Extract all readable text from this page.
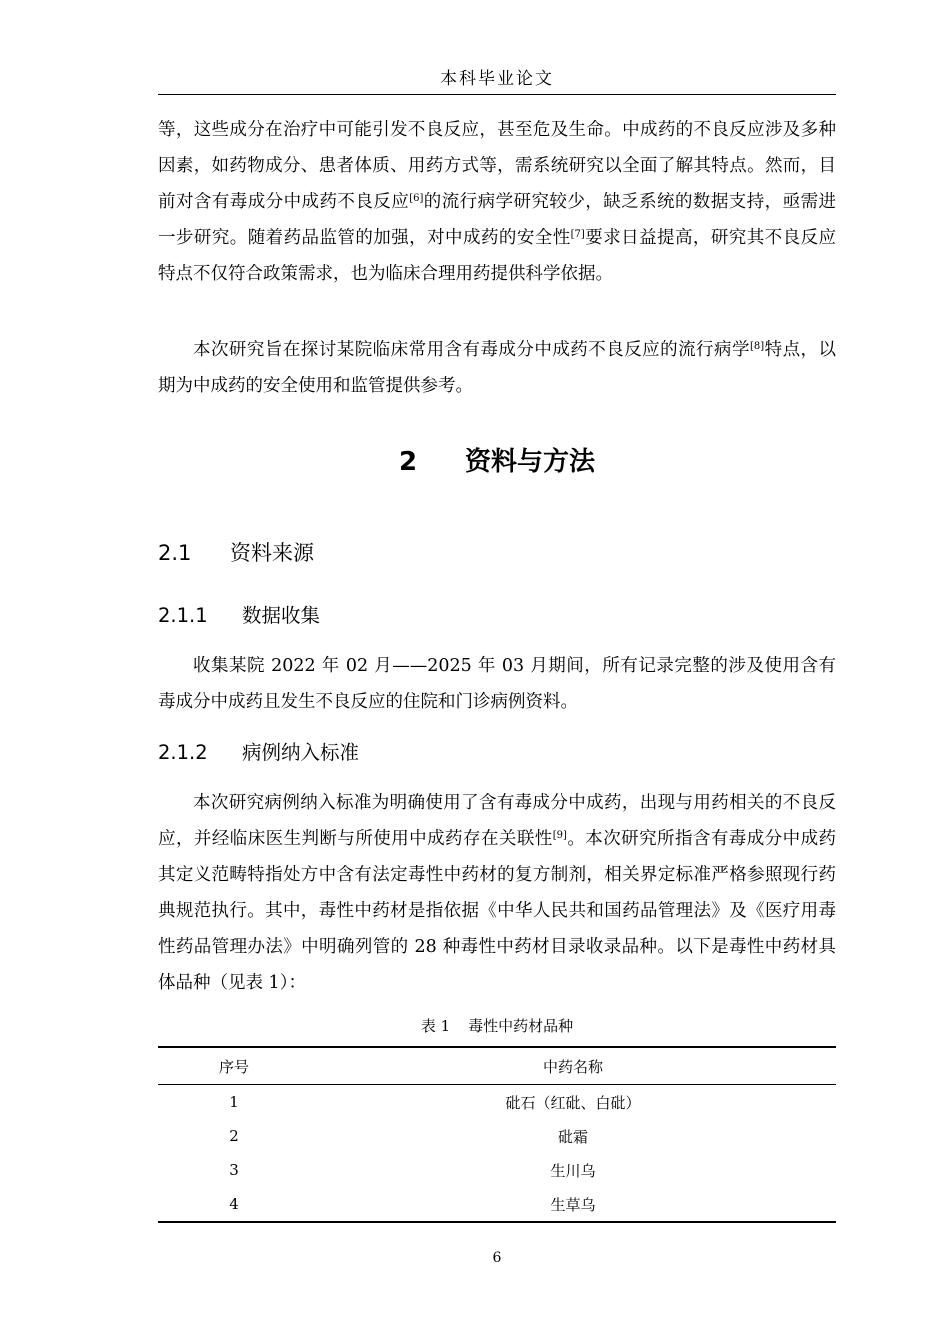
本科毕业论文

等，这些成分在治疗中可能引发不良反应，甚至危及生命。中成药的不良反应涉及多种因素，如药物成分、患者体质、用药方式等，需系统研究以全面了解其特点。然而，目前对含有毒成分中成药不良反应[6]的流行病学研究较少，缺乏系统的数据支持，亟需进一步研究。随着药品监管的加强，对中成药的安全性[7]要求日益提高，研究其不良反应特点不仅符合政策需求，也为临床合理用药提供科学依据。

本次研究旨在探讨某院临床常用含有毒成分中成药不良反应的流行病学[8]特点，以期为中成药的安全使用和监管提供参考。

2 资料与方法
2.1 资料来源
2.1.1 数据收集

收集某院 2022 年 02 月——2025 年 03 月期间，所有记录完整的涉及使用含有毒成分中成药且发生不良反应的住院和门诊病例资料。

2.1.2 病例纳入标准

本次研究病例纳入标准为明确使用了含有毒成分中成药，出现与用药相关的不良反应，并经临床医生判断与所使用中成药存在关联性[9]。本次研究所指含有毒成分中成药其定义范畴特指处方中含有法定毒性中药材的复方制剂，相关界定标准严格参照现行药典规范执行。其中，毒性中药材是指依据《中华人民共和国药品管理法》及《医疗用毒性药品管理办法》中明确列管的 28 种毒性中药材目录收录品种。以下是毒性中药材具体品种（见表 1）：

表 1 毒性中药材品种
序号	中药名称
1	砒石（红砒、白砒）
2	砒霜
3	生川乌
4	生草乌
6
